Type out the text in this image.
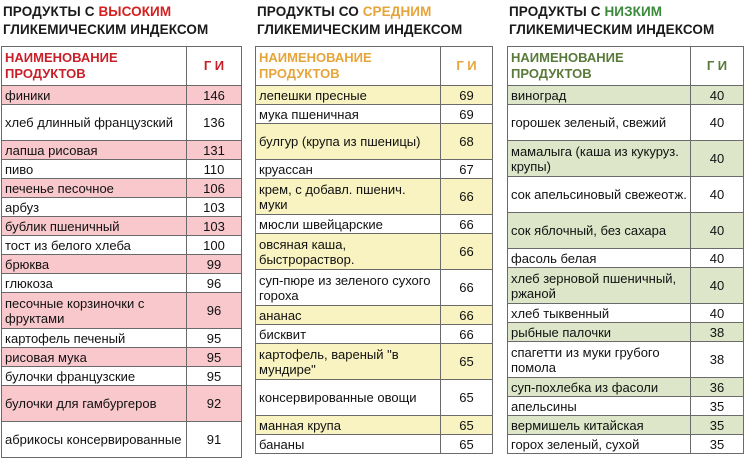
ПРОДУКТЫ С ВЫСОКИМ
ГЛИКЕМИЧЕСКИМ ИНДЕКСОМ
НАИМЕНОВАНИЕ ПРОДУКТОВ	Г И
финики	146
хлеб длинный французский	136
лапша рисовая	131
пиво	110
печенье песочное	106
арбуз	103
бублик пшеничный	103
тост из белого хлеба	100
брюква	99
глюкоза	96
песочные корзиночки с фруктами	96
картофель печеный	95
рисовая мука	95
булочки французские	95
булочки для гамбургеров	92
абрикосы консервированные	91
ПРОДУКТЫ СО СРЕДНИМ
ГЛИКЕМИЧЕСКИМ ИНДЕКСОМ
НАИМЕНОВАНИЕ ПРОДУКТОВ	Г И
лепешки пресные	69
мука пшеничная	69
булгур (крупа из пшеницы)	68
круассан	67
крем, с добавл. пшенич. муки	66
мюсли швейцарские	66
овсяная каша, быстрораствор.	66
суп-пюре из зеленого сухого гороха	66
ананас	66
бисквит	66
картофель, вареный "в мундире"	65
консервированные овощи	65
манная крупа	65
бананы	65
ПРОДУКТЫ С НИЗКИМ
ГЛИКЕМИЧЕСКИМ ИНДЕКСОМ
НАИМЕНОВАНИЕ ПРОДУКТОВ	Г И
виноград	40
горошек зеленый, свежий	40
мамалыга (каша из кукуруз. крупы)	40
сок апельсиновый свежеотж.	40
сок яблочный, без сахара	40
фасоль белая	40
хлеб зерновой пшеничный, ржаной	40
хлеб тыквенный	40
рыбные палочки	38
спагетти из муки грубого помола	38
суп-похлебка из фасоли	36
апельсины	35
вермишель китайская	35
горох зеленый, сухой	35
